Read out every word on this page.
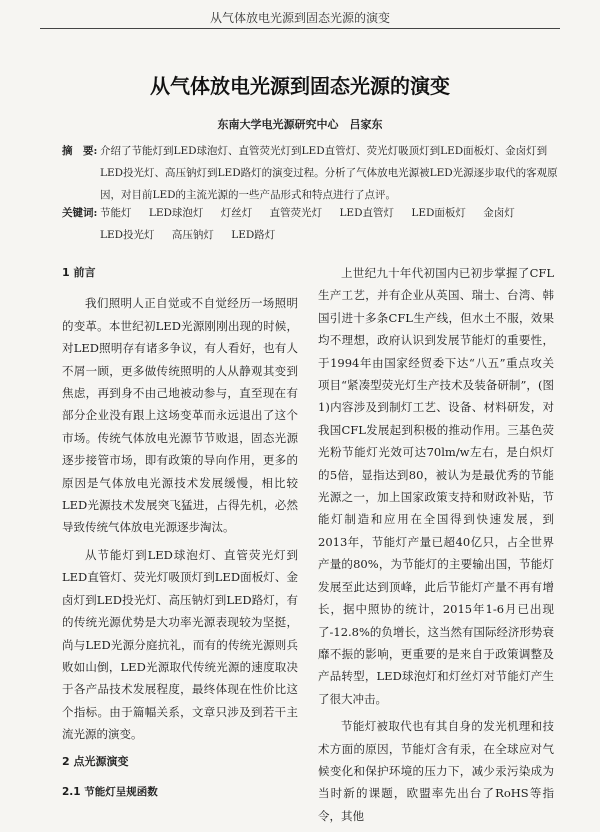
从气体放电光源到固态光源的演变
从气体放电光源到固态光源的演变
东南大学电光源研究中心　吕家东
摘　要: 介绍了节能灯到LED球泡灯、直管荧光灯到LED直管灯、荧光灯吸顶灯到LED面板灯、金卤灯到LED投光灯、高压钠灯到LED路灯的演变过程。分析了气体放电光源被LED光源逐步取代的客观原因，对目前LED的主流光源的一些产品形式和特点进行了点评。
关键词: 节能灯 LED球泡灯 灯丝灯 直管荧光灯 LED直管灯 LED面板灯 金卤灯 LED投光灯 高压钠灯 LED路灯
1 前言

我们照明人正自觉或不自觉经历一场照明的变革。本世纪初LED光源刚刚出现的时候，对LED照明存有诸多争议，有人看好，也有人不屑一顾，更多做传统照明的人从静观其变到焦虑，再到身不由己地被动参与，直至现在有部分企业没有跟上这场变革而永远退出了这个市场。传统气体放电光源节节败退，固态光源逐步接管市场，即有政策的导向作用，更多的原因是气体放电光源技术发展缓慢，相比较LED光源技术发展突飞猛进，占得先机，必然导致传统气体放电光源逐步淘汰。

从节能灯到LED球泡灯、直管荧光灯到LED直管灯、荧光灯吸顶灯到LED面板灯、金卤灯到LED投光灯、高压钠灯到LED路灯，有的传统光源优势是大功率光源表现较为坚挺，尚与LED光源分庭抗礼，而有的传统光源则兵败如山倒，LED光源取代传统光源的速度取决于各产品技术发展程度，最终体现在性价比这个指标。由于篇幅关系，文章只涉及到若干主流光源的演变。

2 点光源演变
2.1 节能灯呈规函数

上世纪九十年代初国内已初步掌握了CFL生产工艺，并有企业从英国、瑞士、台湾、韩国引进十多条CFL生产线，但水土不服，效果均不理想，政府认识到发展节能灯的重要性，于1994年由国家经贸委下达“八五”重点攻关项目“紧凑型荧光灯生产技术及装备研制”，(图1)内容涉及到制灯工艺、设备、材料研发，对我国CFL发展起到积极的推动作用。三基色荧光粉节能灯光效可达70lm/w左右，是白炽灯的5倍，显指达到80，被认为是最优秀的节能光源之一，加上国家政策支持和财政补贴，节能灯制造和应用在全国得到快速发展，到2013年，节能灯产量已超40亿只，占全世界产量的80%，为节能灯的主要输出国，节能灯发展至此达到顶峰，此后节能灯产量不再有增长，据中照协的统计，2015年1-6月已出现了-12.8%的负增长，这当然有国际经济形势衰靡不振的影响，更重要的是来自于政策调整及产品转型，LED球泡灯和灯丝灯对节能灯产生了很大冲击。

节能灯被取代也有其自身的发光机理和技术方面的原因，节能灯含有汞，在全球应对气候变化和保护环境的压力下，减少汞污染成为当时新的课题，欧盟率先出台了RoHS等指令，其他
